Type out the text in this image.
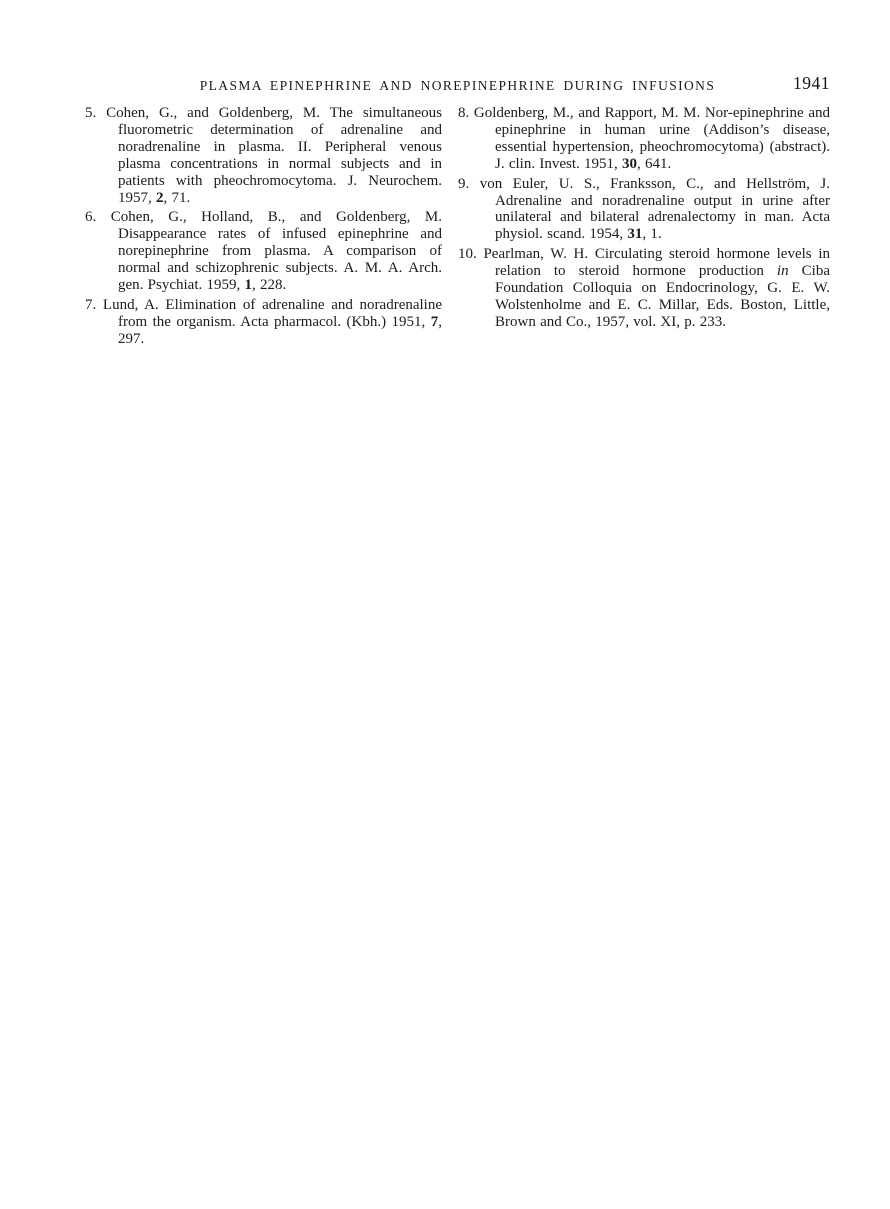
PLASMA EPINEPHRINE AND NOREPINEPHRINE DURING INFUSIONS	1941

5. Cohen, G., and Goldenberg, M. The simultaneous fluorometric determination of adrenaline and noradrenaline in plasma. II. Peripheral venous plasma concentrations in normal subjects and in patients with pheochromocytoma. J. Neurochem. 1957, 2, 71.

6. Cohen, G., Holland, B., and Goldenberg, M. Disappearance rates of infused epinephrine and norepinephrine from plasma. A comparison of normal and schizophrenic subjects. A. M. A. Arch. gen. Psychiat. 1959, 1, 228.

7. Lund, A. Elimination of adrenaline and noradrenaline from the organism. Acta pharmacol. (Kbh.) 1951, 7, 297.

8. Goldenberg, M., and Rapport, M. M. Nor-epinephrine and epinephrine in human urine (Addison’s disease, essential hypertension, pheochromocytoma) (abstract). J. clin. Invest. 1951, 30, 641.

9. von Euler, U. S., Franksson, C., and Hellström, J. Adrenaline and noradrenaline output in urine after unilateral and bilateral adrenalectomy in man. Acta physiol. scand. 1954, 31, 1.

10. Pearlman, W. H. Circulating steroid hormone levels in relation to steroid hormone production in Ciba Foundation Colloquia on Endocrinology, G. E. W. Wolstenholme and E. C. Millar, Eds. Boston, Little, Brown and Co., 1957, vol. XI, p. 233.
